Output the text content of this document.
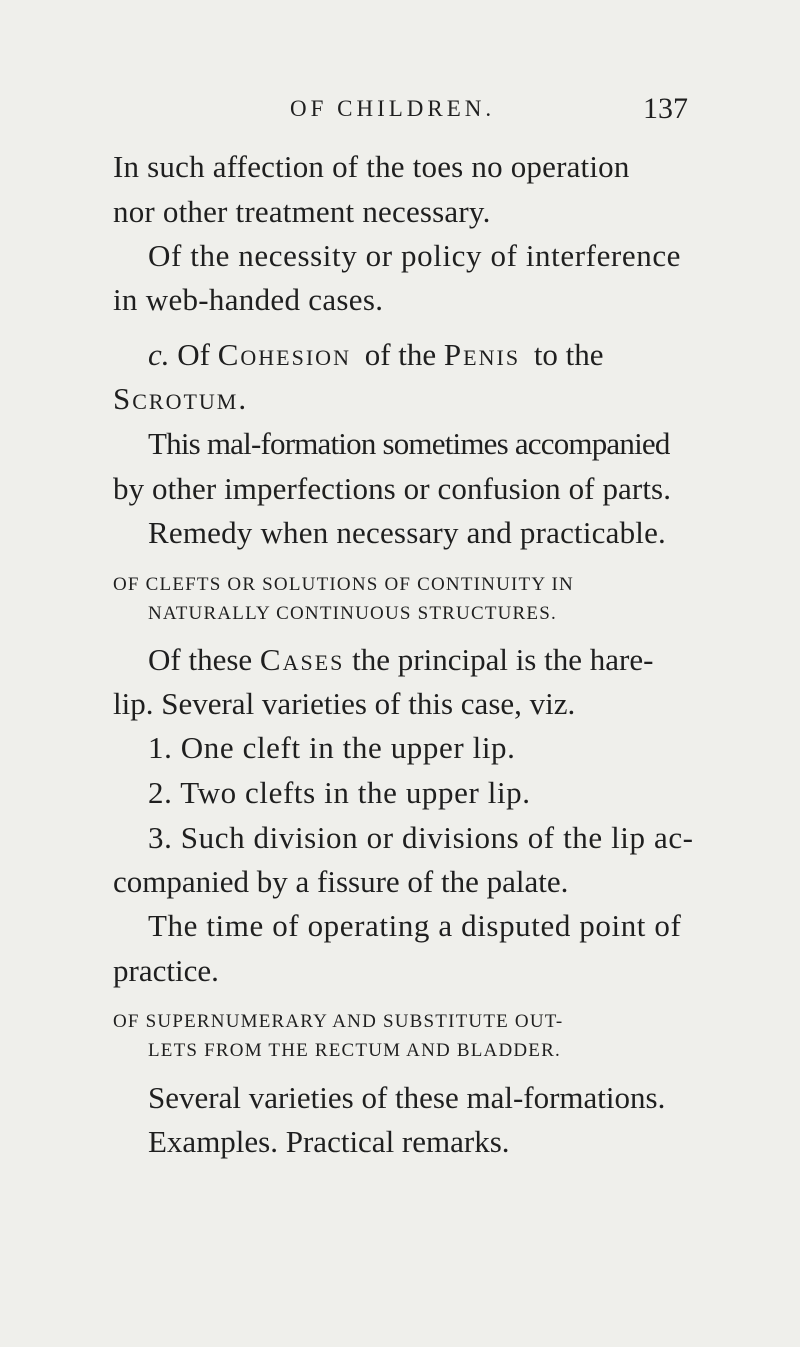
OF CHILDREN.	137
In such affection of the toes no operation
nor other treatment necessary.
Of the necessity or policy of interference
in web-handed cases.
c. Of Cohesion of the Penis to the
Scrotum.
This mal-formation sometimes accompanied
by other imperfections or confusion of parts.
Remedy when necessary and practicable.
OF CLEFTS OR SOLUTIONS OF CONTINUITY IN
NATURALLY CONTINUOUS STRUCTURES.
Of these Cases the principal is the hare-
lip. Several varieties of this case, viz.
1. One cleft in the upper lip.
2. Two clefts in the upper lip.
3. Such division or divisions of the lip ac-
companied by a fissure of the palate.
The time of operating a disputed point of
practice.
OF SUPERNUMERARY AND SUBSTITUTE OUT-
LETS FROM THE RECTUM AND BLADDER.
Several varieties of these mal-formations.
Examples. Practical remarks.
